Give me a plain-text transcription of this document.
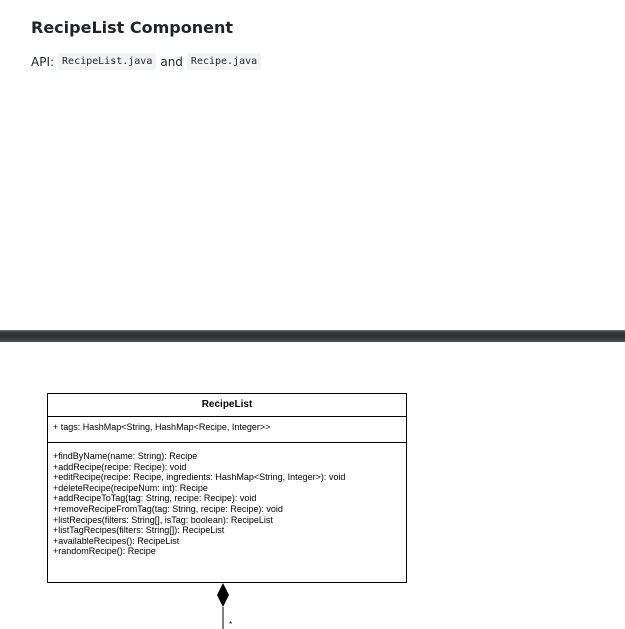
RecipeList Component
API: RecipeList.java and Recipe.java
RecipeList
+ tags: HashMap<String, HashMap<Recipe, Integer>>
+findByName(name: String): Recipe
+addRecipe(recipe: Recipe): void
+editRecipe(recipe: Recipe, ingredients: HashMap<String, Integer>): void
+deleteRecipe(recipeNum: int): Recipe
+addRecipeToTag(tag: String, recipe: Recipe): void
+removeRecipeFromTag(tag: String, recipe: Recipe): void
+listRecipes(filters: String[], isTag: boolean): RecipeList
+listTagRecipes(filters: String[]): RecipeList
+availableRecipes(): RecipeList
+randomRecipe(): Recipe
*
